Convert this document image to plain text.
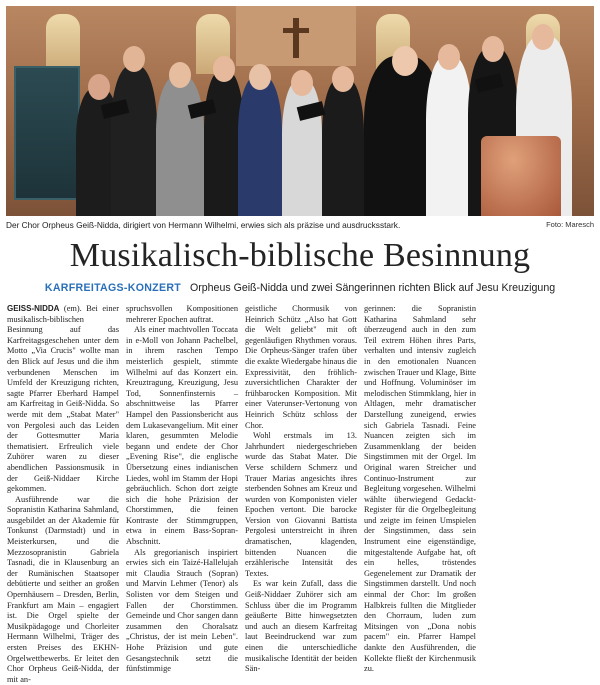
Der Chor Orpheus Geiß-Nidda, dirigiert von Hermann Wilhelmi, erwies sich als präzise und ausdrucksstark.	Foto: Maresch
Musikalisch-biblische Besinnung
KARFREITAGS-KONZERT Orpheus Geiß-Nidda und zwei Sängerinnen richten Blick auf Jesu Kreuzigung

GEISS-NIDDA (em). Bei einer musikalisch-biblischen Besinnung auf das Karfreitagsgeschehen unter dem Motto „Via Crucis" wollte man den Blick auf Jesus und die ihm verbundenen Menschen im Umfeld der Kreuzigung richten, sagte Pfarrer Eberhard Hampel am Karfreitag in Geiß-Nidda. So werde mit dem „Stabat Mater" von Pergolesi auch das Leiden der Gottesmutter Maria thematisiert. Erfreulich viele Zuhörer waren zu dieser abendlichen Passionsmusik in der Geiß-Niddaer Kirche gekommen.

Ausführende war die Sopranistin Katharina Sahmland, ausgebildet an der Akademie für Tonkunst (Darmstadt) und in Meisterkursen, und die Mezzosopranistin Gabriela Tasnadi, die in Klausenburg an der Rumänischen Staatsoper debütierte und seither an großen Opernhäusern – Dresden, Berlin, Frankfurt am Main – engagiert ist. Die Orgel spielte der Musikpädagoge und Chorleiter Hermann Wilhelmi, Träger des ersten Preises des EKHN-Orgelwettbewerbs. Er leitet den Chor Orpheus Geiß-Nidda, der mit an-

spruchsvollen Kompositionen mehrerer Epochen auftrat.

Als einer machtvollen Toccata in e-Moll von Johann Pachelbel, in ihrem raschen Tempo meisterlich gespielt, stimmte Wilhelmi auf das Konzert ein. Kreuztragung, Kreuzigung, Jesu Tod, Sonnenfinsternis – abschnittweise las Pfarrer Hampel den Passionsbericht aus dem Lukasevangelium. Mit einer klaren, gesummten Melodie begann und endete der Chor „Evening Rise", die englische Übersetzung eines indianischen Liedes, wohl im Stamm der Hopi gebräuchlich. Schon dort zeigte sich die hohe Präzision der Chorstimmen, die feinen Kontraste der Stimmgruppen, etwa in einem Bass-Sopran-Abschnitt.

Als gregorianisch inspiriert erwies sich ein Taizé-Hallelujah mit Claudia Strauch (Sopran) und Marvin Lehmer (Tenor) als Solisten vor dem Steigen und Fallen der Chorstimmen. Gemeinde und Chor sangen dann zusammen den Choralsatz „Christus, der ist mein Leben". Hohe Präzision und gute Gesangstechnik setzt die fünfstimmige

geistliche Chormusik von Heinrich Schütz „Also hat Gott die Welt geliebt" mit oft gegenläufigen Rhythmen voraus. Die Orpheus-Sänger trafen über die exakte Wiedergabe hinaus die Expressivität, den fröhlich-zuversichtlichen Charakter der frühbarocken Komposition. Mit einer Vaterunser-Vertonung von Heinrich Schütz schloss der Chor.

Wohl erstmals im 13. Jahrhundert niedergeschrieben wurde das Stabat Mater. Die Verse schildern Schmerz und Trauer Marias angesichts ihres sterbenden Sohnes am Kreuz und wurden von Komponisten vieler Epochen vertont. Die barocke Version von Giovanni Battista Pergolesi unterstreicht in ihren dramatischen, klagenden, bittenden Nuancen die erzählerische Intensität des Textes.

Es war kein Zufall, dass die Geiß-Niddaer Zuhörer sich am Schluss über die im Programm geäußerte Bitte hinwegsetzten und auch an diesem Karfreitag laut Beeindruckend war zum einen die unterschiedliche musikalische Identität der beiden Sän-

gerinnen: die Sopranistin Katharina Sahmland sehr überzeugend auch in den zum Teil extrem Höhen ihres Parts, verhalten und intensiv zugleich in den emotionalen Nuancen zwischen Trauer und Klage, Bitte und Hoffnung. Voluminöser im melodischen Stimmklang, hier in Altlagen, mehr dramatischer Darstellung zuneigend, erwies sich Gabriela Tasnadi. Feine Nuancen zeigten sich im Zusammenklang der beiden Singstimmen mit der Orgel. Im Original waren Streicher und Continuo-Instrument zur Begleitung vorgesehen. Wilhelmi wählte überwiegend Gedackt-Register für die Orgelbegleitung und zeigte im feinen Umspielen der Singstimmen, dass sein Instrument eine eigenständige, mitgestaltende Aufgabe hat, oft ein helles, tröstendes Gegenelement zur Dramatik der Singstimmen darstellt. Und noch einmal der Chor: Im großen Halbkreis fullten die Mitglieder den Chorraum, luden zum Mitsingen von „Dona nobis pacem" ein. Pfarrer Hampel dankte den Ausführenden, die Kollekte fließt der Kirchenmusik zu.
